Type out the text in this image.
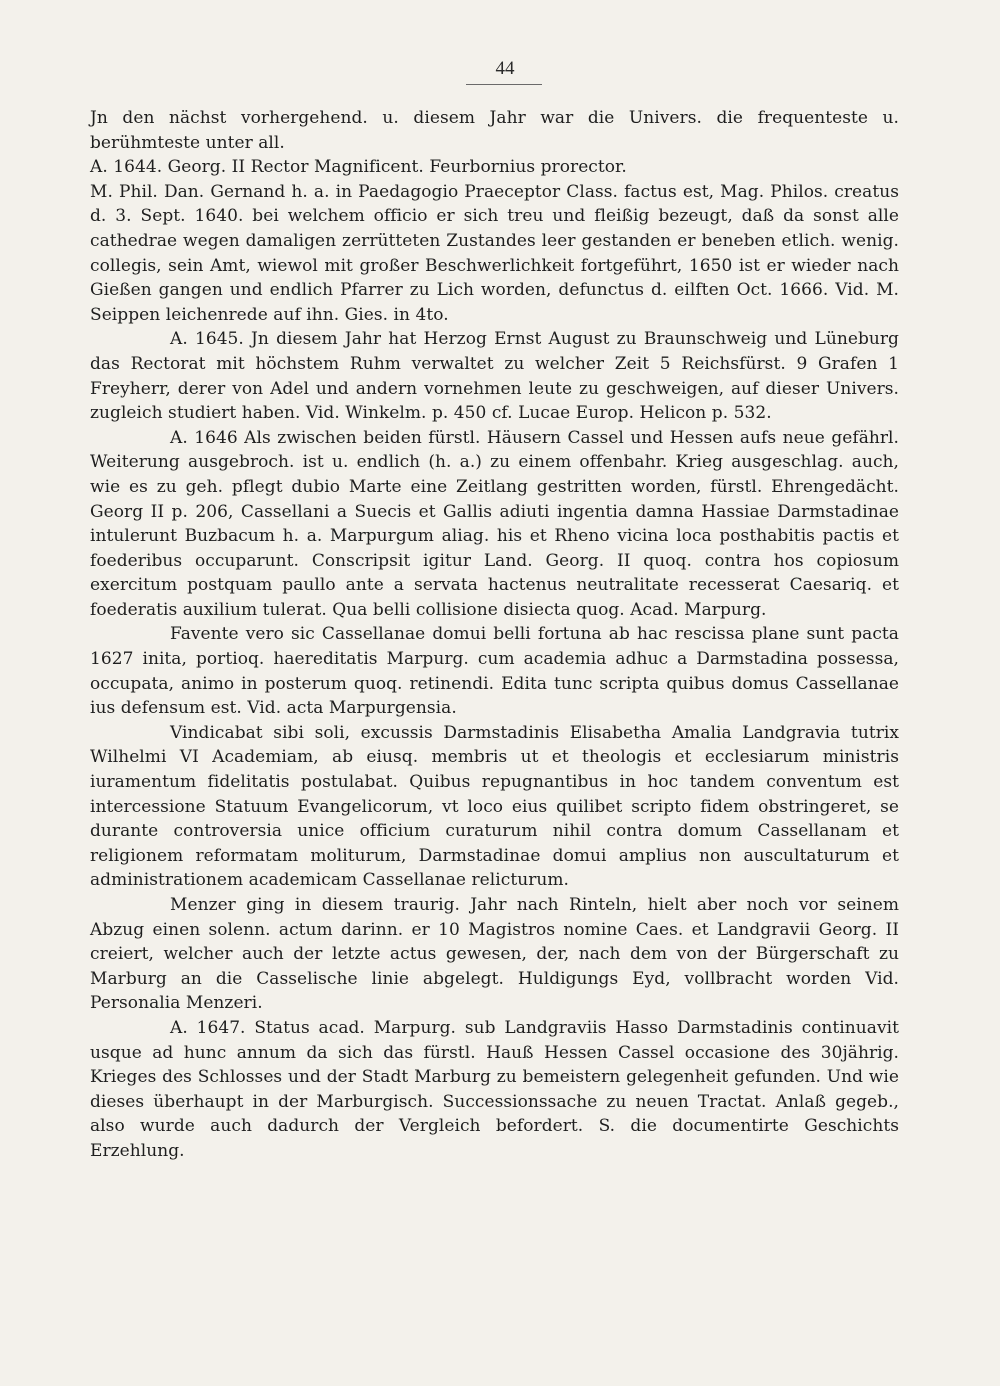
44

Jn den nächst vorhergehend. u. diesem Jahr war die Univers. die frequenteste u. berühmteste unter all.

A. 1644. Georg. II Rector Magnificent. Feurbornius prorector.

M. Phil. Dan. Gernand h. a. in Paedagogio Praeceptor Class. factus est, Mag. Philos. creatus d. 3. Sept. 1640. bei welchem officio er sich treu und fleißig bezeugt, daß da sonst alle cathedrae wegen damaligen zerrütteten Zustandes leer gestanden er beneben etlich. wenig. collegis, sein Amt, wiewol mit großer Beschwerlichkeit fortgeführt, 1650 ist er wieder nach Gießen gangen und endlich Pfarrer zu Lich worden, defunctus d. eilften Oct. 1666. Vid. M. Seippen leichenrede auf ihn. Gies. in 4to.

A. 1645. Jn diesem Jahr hat Herzog Ernst August zu Braunschweig und Lüneburg das Rectorat mit höchstem Ruhm verwaltet zu welcher Zeit 5 Reichsfürst. 9 Grafen 1 Freyherr, derer von Adel und andern vornehmen leute zu geschweigen, auf dieser Univers. zugleich studiert haben. Vid. Winkelm. p. 450 cf. Lucae Europ. Helicon p. 532.

A. 1646 Als zwischen beiden fürstl. Häusern Cassel und Hessen aufs neue gefährl. Weiterung ausgebroch. ist u. endlich (h. a.) zu einem offenbahr. Krieg ausgeschlag. auch, wie es zu geh. pflegt dubio Marte eine Zeitlang gestritten worden, fürstl. Ehrengedächt. Georg II p. 206, Cassellani a Suecis et Gallis adiuti ingentia damna Hassiae Darmstadinae intulerunt Buzbacum h. a. Marpurgum aliag. his et Rheno vicina loca posthabitis pactis et foederibus occuparunt. Conscripsit igitur Land. Georg. II quoq. contra hos copiosum exercitum postquam paullo ante a servata hactenus neutralitate recesserat Caesariq. et foederatis auxilium tulerat. Qua belli collisione disiecta quog. Acad. Marpurg.

Favente vero sic Cassellanae domui belli fortuna ab hac rescissa plane sunt pacta 1627 inita, portioq. haereditatis Marpurg. cum academia adhuc a Darmstadina possessa, occupata, animo in posterum quoq. retinendi. Edita tunc scripta quibus domus Cassellanae ius defensum est. Vid. acta Marpurgensia.

Vindicabat sibi soli, excussis Darmstadinis Elisabetha Amalia Landgravia tutrix Wilhelmi VI Academiam, ab eiusq. membris ut et theologis et ecclesiarum ministris iuramentum fidelitatis postulabat. Quibus repugnantibus in hoc tandem conventum est intercessione Statuum Evangelicorum, vt loco eius quilibet scripto fidem obstringeret, se durante controversia unice officium curaturum nihil contra domum Cassellanam et religionem reformatam moliturum, Darmstadinae domui amplius non auscultaturum et administrationem academicam Cassellanae relicturum.

Menzer ging in diesem traurig. Jahr nach Rinteln, hielt aber noch vor seinem Abzug einen solenn. actum darinn. er 10 Magistros nomine Caes. et Landgravii Georg. II creiert, welcher auch der letzte actus gewesen, der, nach dem von der Bürgerschaft zu Marburg an die Casselische linie abgelegt. Huldigungs Eyd, vollbracht worden Vid. Personalia Menzeri.

A. 1647. Status acad. Marpurg. sub Landgraviis Hasso Darmstadinis continuavit usque ad hunc annum da sich das fürstl. Hauß Hessen Cassel occasione des 30jährig. Krieges des Schlosses und der Stadt Marburg zu bemeistern gelegenheit gefunden. Und wie dieses überhaupt in der Marburgisch. Successionssache zu neuen Tractat. Anlaß gegeb., also wurde auch dadurch der Vergleich befordert. S. die documentirte Geschichts Erzehlung.
